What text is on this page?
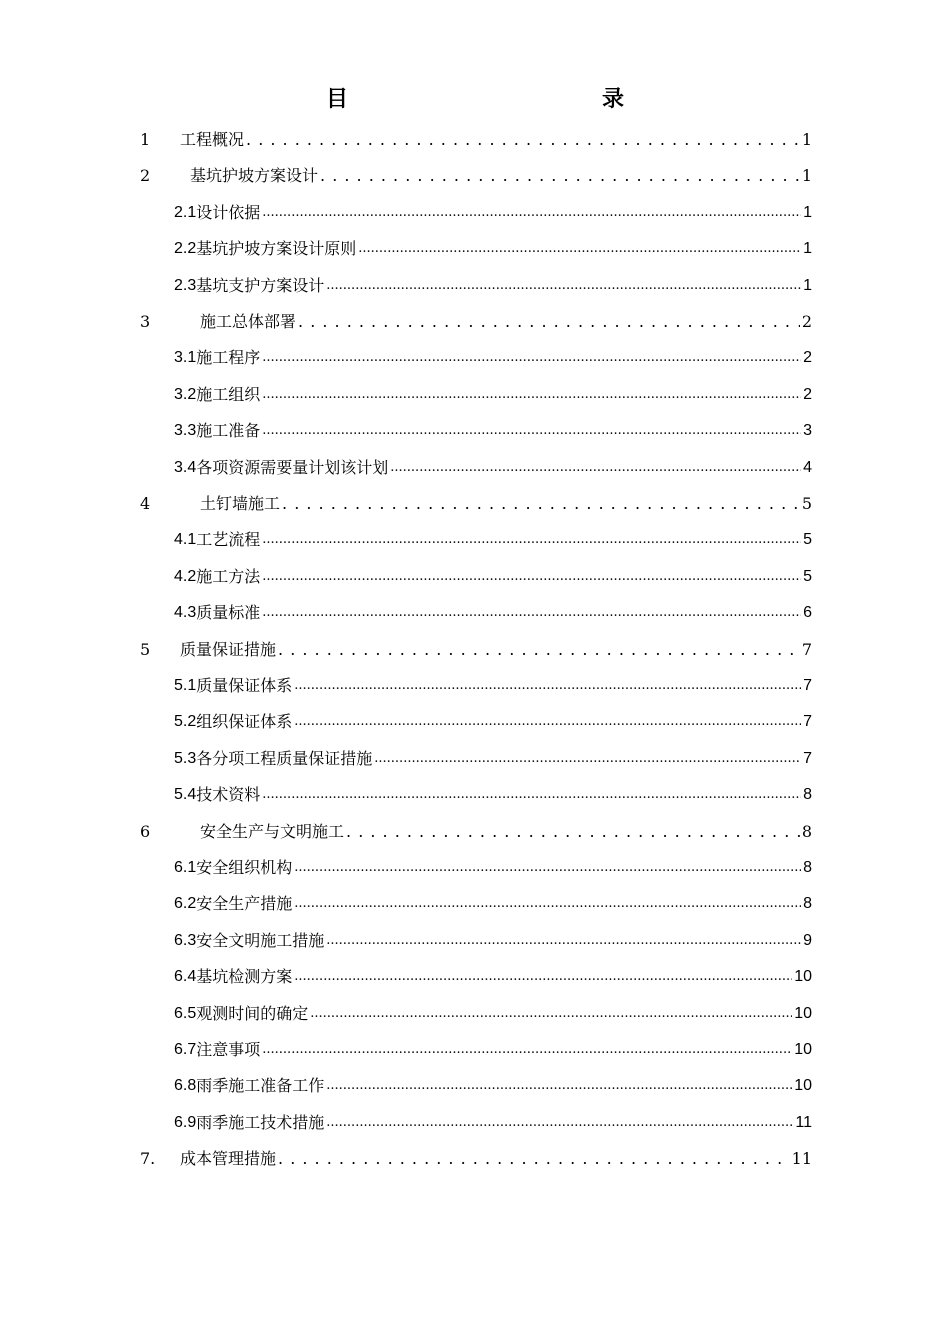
目　　录
1	工程概况 . . .	1
2	基坑护坡方案设计 . . .	1
2.1 设计依据 .....	1
2.2 基坑护坡方案设计原则 .....	1
2.3 基坑支护方案设计 .....	1
3	施工总体部署 . . .	2
3.1 施工程序 .....	2
3.2 施工组织 .....	2
3.3 施工准备 .....	3
3.4 各项资源需要量计划该计划 .....	4
4	土钉墙施工 . . .	5
4.1 工艺流程 .....	5
4.2 施工方法 .....	5
4.3 质量标准 .....	6
5	质量保证措施 . . .	7
5.1 质量保证体系 .....	7
5.2 组织保证体系 .....	7
5.3 各分项工程质量保证措施 .....	7
5.4 技术资料 .....	8
6	安全生产与文明施工 . . .	8
6.1 安全组织机构 .....	8
6.2 安全生产措施 .....	8
6.3 安全文明施工措施 .....	9
6.4 基坑检测方案 .....	10
6.5 观测时间的确定 .....	10
6.7 注意事项 .....	10
6.8 雨季施工准备工作 .....	10
6.9 雨季施工技术措施 .....	11
7.	成本管理措施 . . .	11
